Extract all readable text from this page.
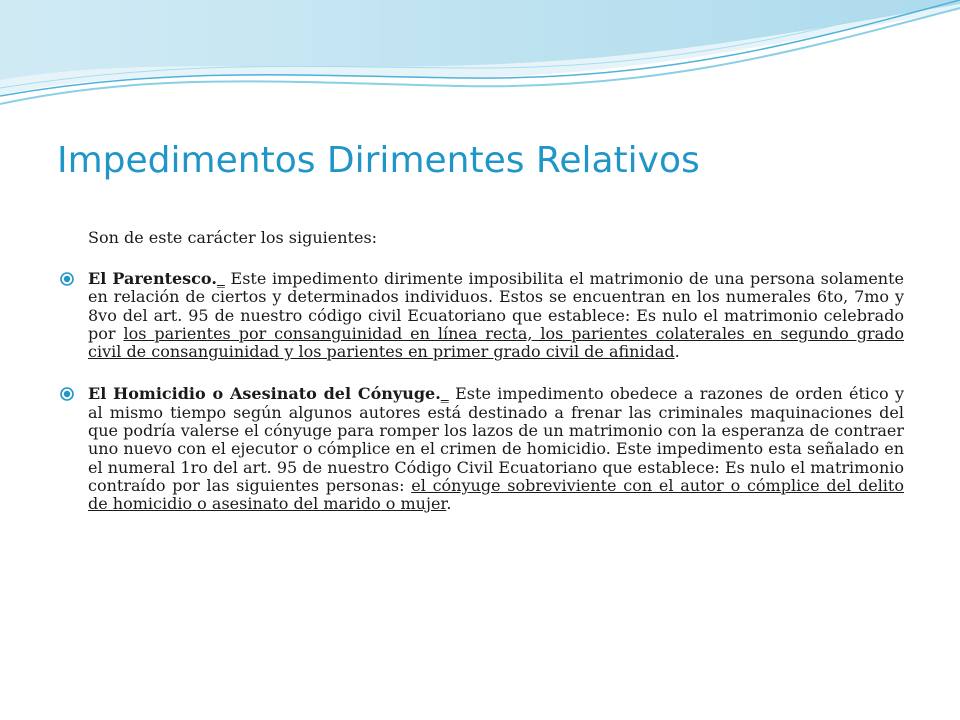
Impedimentos Dirimentes Relativos

Son de este carácter los siguientes:

El Parentesco._ Este impedimento dirimente imposibilita el matrimonio de una persona solamente en relación de ciertos y determinados individuos. Estos se encuentran en los numerales 6to, 7mo y 8vo del art. 95 de nuestro código civil Ecuatoriano que establece: Es nulo el matrimonio celebrado por los parientes por consanguinidad en línea recta, los parientes colaterales en segundo grado civil de consanguinidad y los parientes en primer grado civil de afinidad.
El Homicidio o Asesinato del Cónyuge._ Este impedimento obedece a razones de orden ético y al mismo tiempo según algunos autores está destinado a frenar las criminales maquinaciones del que podría valerse el cónyuge para romper los lazos de un matrimonio con la esperanza de contraer uno nuevo con el ejecutor o cómplice en el crimen de homicidio. Este impedimento esta señalado en el numeral 1ro del art. 95 de nuestro Código Civil Ecuatoriano que establece: Es nulo el matrimonio contraído por las siguientes personas: el cónyuge sobreviviente con el autor o cómplice del delito de homicidio o asesinato del marido o mujer.
